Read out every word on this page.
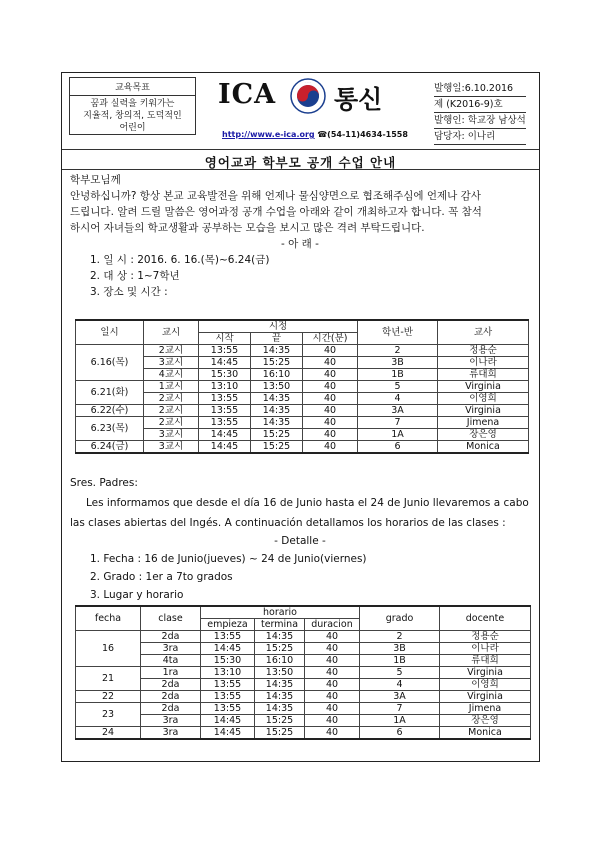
교육목표
꿈과 실력을 키워가는
지율적, 창의적, 도덕적인
어린이
ICA	· · · ·
통신
http://www.e-ica.org ☎(54-11)4634-1558
발행일:6.10.2016
제 (K2016-9)호
발행인: 학교장 남상석
담당자: 이나리
영어교과 학부모 공개 수업 안내
학부모님께
안녕하십니까? 항상 본교 교육발전을 위해 언제나 물심양면으로 협조해주심에 언제나 감사
드립니다. 알려 드릴 말씀은 영어과정 공개 수업을 아래와 같이 개최하고자 합니다. 꼭 참석
하시어 자녀들의 학교생활과 공부하는 모습을 보시고 많은 격려 부탁드립니다.
- 아 래 -
1. 일 시 : 2016. 6. 16.(목)~6.24(금)
2. 대 상 : 1~7학년
3. 장소 및 시간 :
일시	교시	시정			학년-반	교사
		시작	끝	시간(분)		
6.16(목)	2교시	13:55	14:35	40	2	정용순
	3교시	14:45	15:25	40	3B	이나라
	4교시	15:30	16:10	40	1B	류대희
6.21(화)	1교시	13:10	13:50	40	5	Virginia
	2교시	13:55	14:35	40	4	이영희
6.22(수)	2교시	13:55	14:35	40	3A	Virginia
6.23(목)	2교시	13:55	14:35	40	7	Jimena
	3교시	14:45	15:25	40	1A	장은영
6.24(금)	3교시	14:45	15:25	40	6	Monica
Sres. Padres:
Les informamos que desde el día 16 de Junio hasta el 24 de Junio llevaremos a cabo
las clases abiertas del Ingés. A continuación detallamos los horarios de las clases :
- Detalle -
1. Fecha : 16 de Junio(jueves) ~ 24 de Junio(viernes)
2. Grado : 1er a 7to grados
3. Lugar y horario
fecha	clase	horario			grado	docente
		empieza	termina	duracion		
16	2da	13:55	14:35	40	2	정용순
	3ra	14:45	15:25	40	3B	이나라
	4ta	15:30	16:10	40	1B	류대희
21	1ra	13:10	13:50	40	5	Virginia
	2da	13:55	14:35	40	4	이영희
22	2da	13:55	14:35	40	3A	Virginia
23	2da	13:55	14:35	40	7	Jimena
	3ra	14:45	15:25	40	1A	장은영
24	3ra	14:45	15:25	40	6	Monica
